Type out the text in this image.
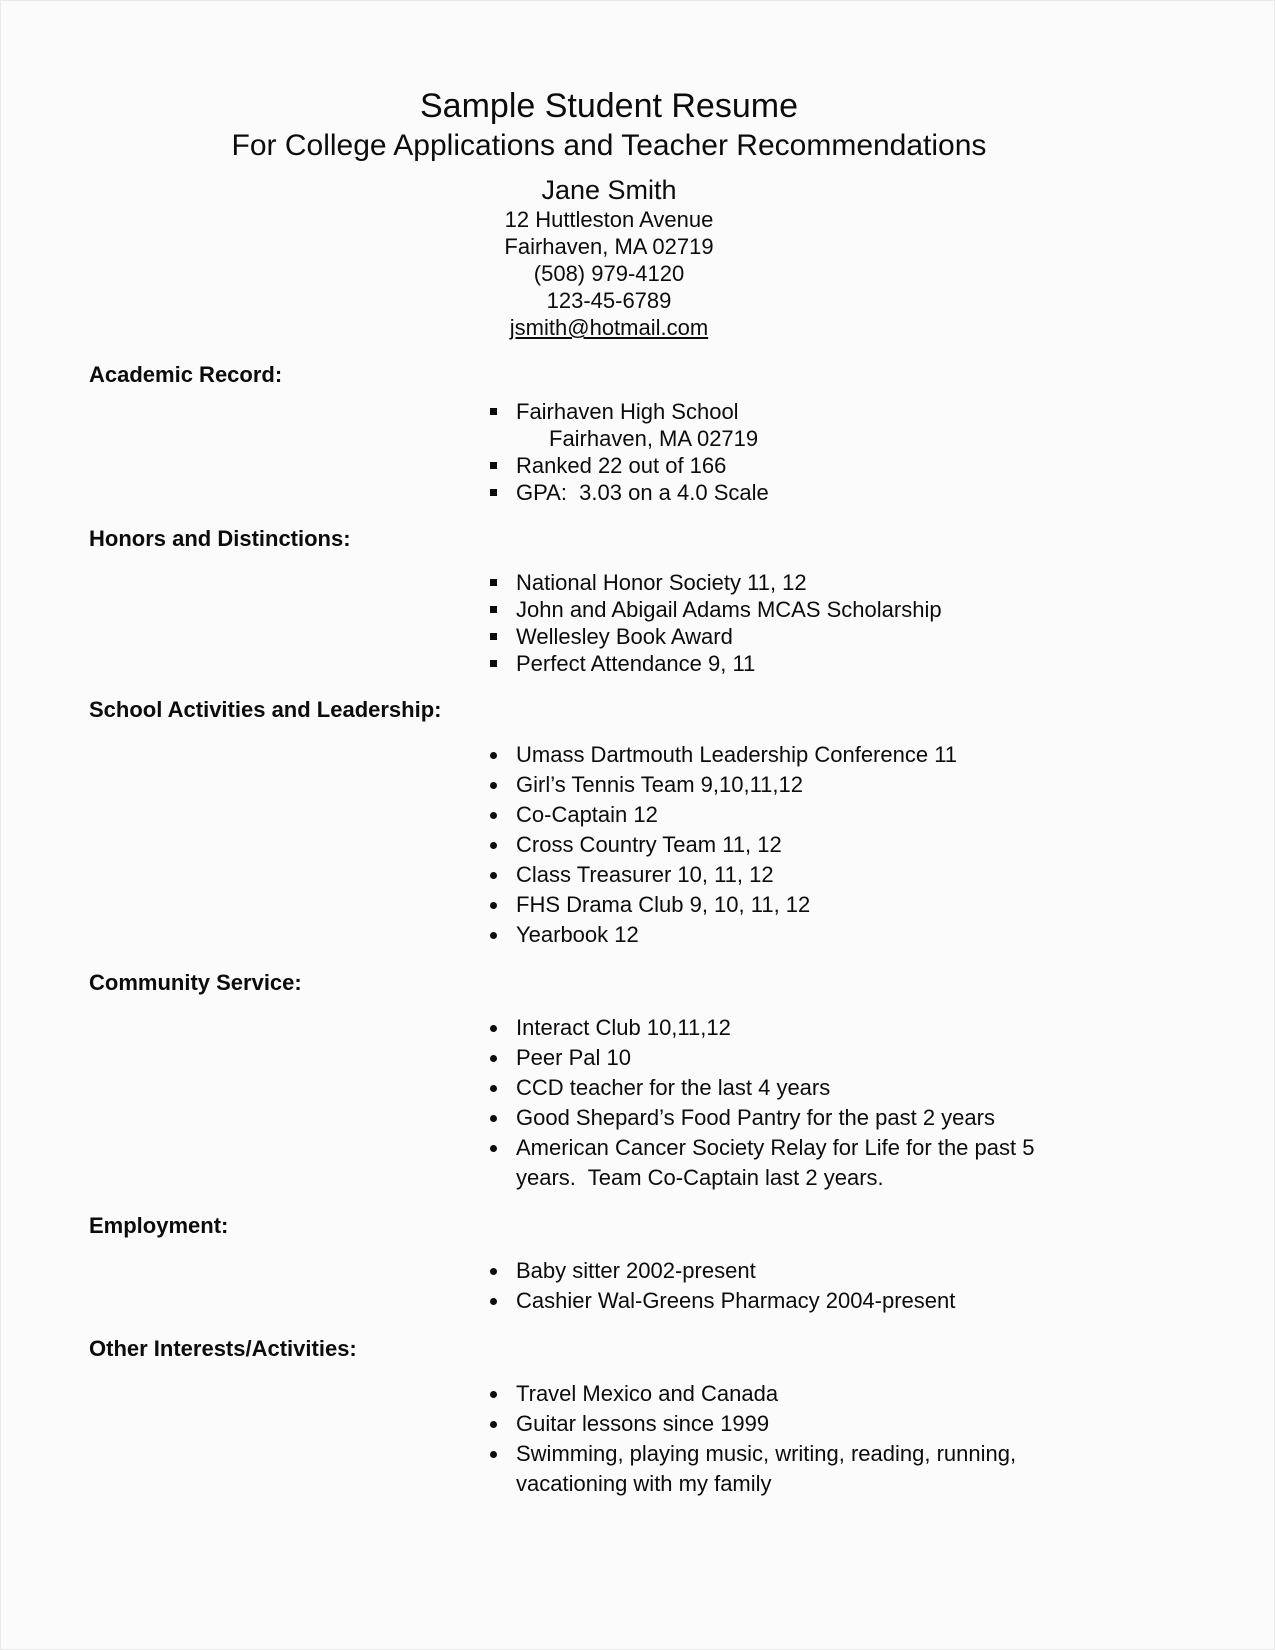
Sample Student Resume
For College Applications and Teacher Recommendations
Jane Smith
12 Huttleston Avenue
Fairhaven, MA 02719
(508) 979-4120
123-45-6789
jsmith@hotmail.com
Academic Record:
Fairhaven High School
Fairhaven, MA 02719
Ranked 22 out of 166
GPA:  3.03 on a 4.0 Scale
Honors and Distinctions:
National Honor Society 11, 12
John and Abigail Adams MCAS Scholarship
Wellesley Book Award
Perfect Attendance 9, 11
School Activities and Leadership:
Umass Dartmouth Leadership Conference 11
Girl’s Tennis Team 9,10,11,12
Co-Captain 12
Cross Country Team 11, 12
Class Treasurer 10, 11, 12
FHS Drama Club 9, 10, 11, 12
Yearbook 12
Community Service:
Interact Club 10,11,12
Peer Pal 10
CCD teacher for the last 4 years
Good Shepard’s Food Pantry for the past 2 years
American Cancer Society Relay for Life for the past 5 years.  Team Co-Captain last 2 years.
Employment:
Baby sitter 2002-present
Cashier Wal-Greens Pharmacy 2004-present
Other Interests/Activities:
Travel Mexico and Canada
Guitar lessons since 1999
Swimming, playing music, writing, reading, running, vacationing with my family
